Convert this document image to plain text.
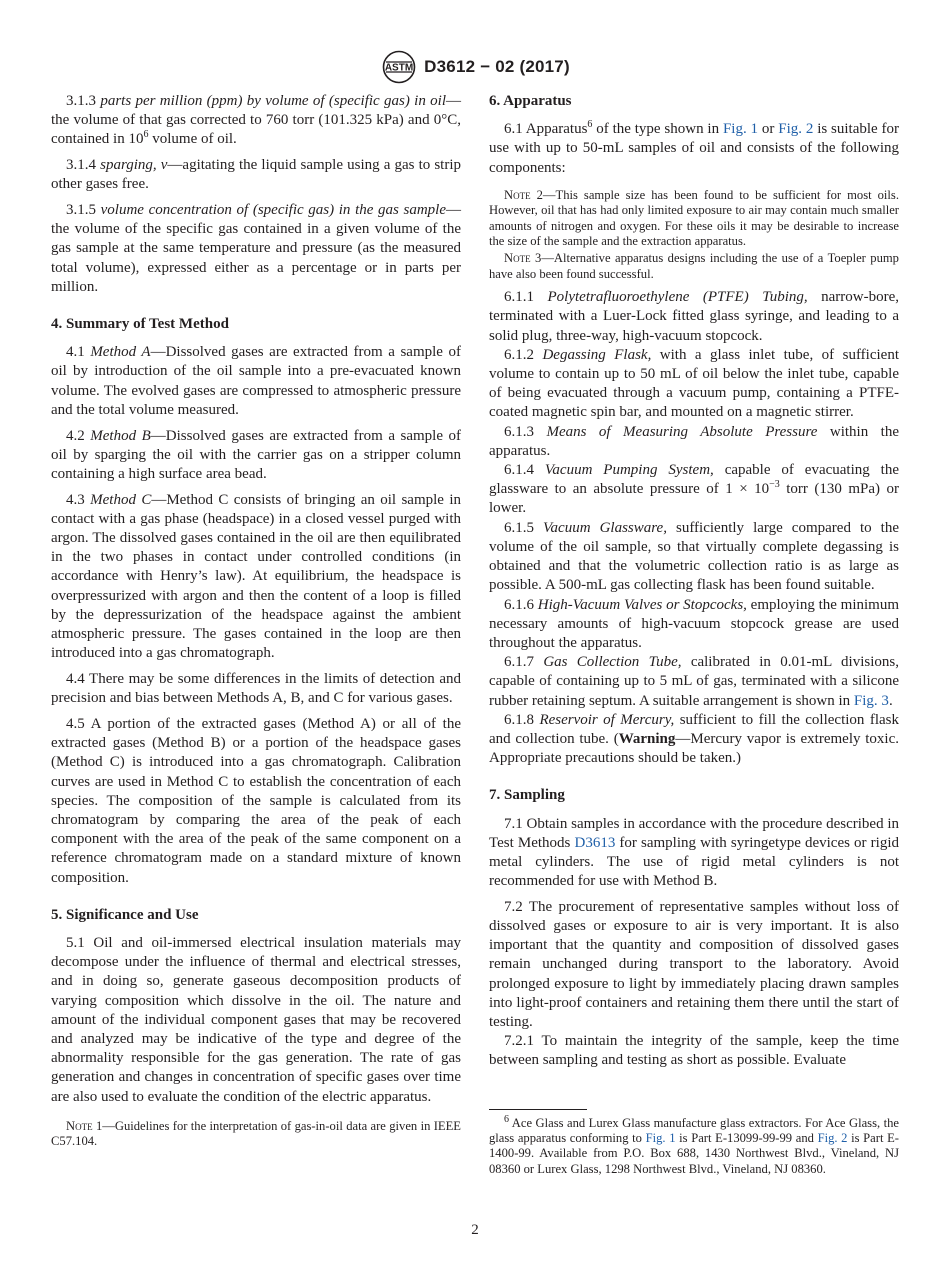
ASTM D3612 − 02 (2017)

3.1.3 parts per million (ppm) by volume of (specific gas) in oil—the volume of that gas corrected to 760 torr (101.325 kPa) and 0°C, contained in $10^6$ volume of oil.

3.1.4 sparging, v—agitating the liquid sample using a gas to strip other gases free.

3.1.5 volume concentration of (specific gas) in the gas sample—the volume of the specific gas contained in a given volume of the gas sample at the same temperature and pressure (as the measured total volume), expressed either as a percentage or in parts per million.

4. Summary of Test Method

4.1 Method A—Dissolved gases are extracted from a sample of oil by introduction of the oil sample into a pre-evacuated known volume. The evolved gases are compressed to atmospheric pressure and the total volume measured.

4.2 Method B—Dissolved gases are extracted from a sample of oil by sparging the oil with the carrier gas on a stripper column containing a high surface area bead.

4.3 Method C—Method C consists of bringing an oil sample in contact with a gas phase (headspace) in a closed vessel purged with argon. The dissolved gases contained in the oil are then equilibrated in the two phases in contact under controlled conditions (in accordance with Henry’s law). At equilibrium, the headspace is overpressurized with argon and then the content of a loop is filled by the depressurization of the headspace against the ambient atmospheric pressure. The gases contained in the loop are then introduced into a gas chromatograph.

4.4 There may be some differences in the limits of detection and precision and bias between Methods A, B, and C for various gases.

4.5 A portion of the extracted gases (Method A) or all of the extracted gases (Method B) or a portion of the headspace gases (Method C) is introduced into a gas chromatograph. Calibration curves are used in Method C to establish the concentration of each species. The composition of the sample is calculated from its chromatogram by comparing the area of the peak of each component with the area of the peak of the same component on a reference chromatogram made on a standard mixture of known composition.

5. Significance and Use

5.1 Oil and oil-immersed electrical insulation materials may decompose under the influence of thermal and electrical stresses, and in doing so, generate gaseous decomposition products of varying composition which dissolve in the oil. The nature and amount of the individual component gases that may be recovered and analyzed may be indicative of the type and degree of the abnormality responsible for the gas generation. The rate of gas generation and changes in concentration of specific gases over time are also used to evaluate the condition of the electric apparatus.

Note 1—Guidelines for the interpretation of gas-in-oil data are given in IEEE C57.104.

6. Apparatus

6.1 Apparatus$^6$ of the type shown in Fig. 1 or Fig. 2 is suitable for use with up to 50-mL samples of oil and consists of the following components:

Note 2—This sample size has been found to be sufficient for most oils. However, oil that has had only limited exposure to air may contain much smaller amounts of nitrogen and oxygen. For these oils it may be desirable to increase the size of the sample and the extraction apparatus.

Note 3—Alternative apparatus designs including the use of a Toepler pump have also been found successful.

6.1.1 Polytetrafluoroethylene (PTFE) Tubing, narrow-bore, terminated with a Luer-Lock fitted glass syringe, and leading to a solid plug, three-way, high-vacuum stopcock.

6.1.2 Degassing Flask, with a glass inlet tube, of sufficient volume to contain up to 50 mL of oil below the inlet tube, capable of being evacuated through a vacuum pump, containing a PTFE-coated magnetic spin bar, and mounted on a magnetic stirrer.

6.1.3 Means of Measuring Absolute Pressure within the apparatus.

6.1.4 Vacuum Pumping System, capable of evacuating the glassware to an absolute pressure of $1 \times 10^{-3}$ torr (130 mPa) or lower.

6.1.5 Vacuum Glassware, sufficiently large compared to the volume of the oil sample, so that virtually complete degassing is obtained and that the volumetric collection ratio is as large as possible. A 500-mL gas collecting flask has been found suitable.

6.1.6 High-Vacuum Valves or Stopcocks, employing the minimum necessary amounts of high-vacuum stopcock grease are used throughout the apparatus.

6.1.7 Gas Collection Tube, calibrated in 0.01-mL divisions, capable of containing up to 5 mL of gas, terminated with a silicone rubber retaining septum. A suitable arrangement is shown in Fig. 3.

6.1.8 Reservoir of Mercury, sufficient to fill the collection flask and collection tube. (Warning—Mercury vapor is extremely toxic. Appropriate precautions should be taken.)

7. Sampling

7.1 Obtain samples in accordance with the procedure described in Test Methods D3613 for sampling with syringetype devices or rigid metal cylinders. The use of rigid metal cylinders is not recommended for use with Method B.

7.2 The procurement of representative samples without loss of dissolved gases or exposure to air is very important. It is also important that the quantity and composition of dissolved gases remain unchanged during transport to the laboratory. Avoid prolonged exposure to light by immediately placing drawn samples into light-proof containers and retaining them there until the start of testing.

7.2.1 To maintain the integrity of the sample, keep the time between sampling and testing as short as possible. Evaluate

$^6$ Ace Glass and Lurex Glass manufacture glass extractors. For Ace Glass, the glass apparatus conforming to Fig. 1 is Part E-13099-99-99 and Fig. 2 is Part E-1400-99. Available from P.O. Box 688, 1430 Northwest Blvd., Vineland, NJ 08360 or Lurex Glass, 1298 Northwest Blvd., Vineland, NJ 08360.

2
